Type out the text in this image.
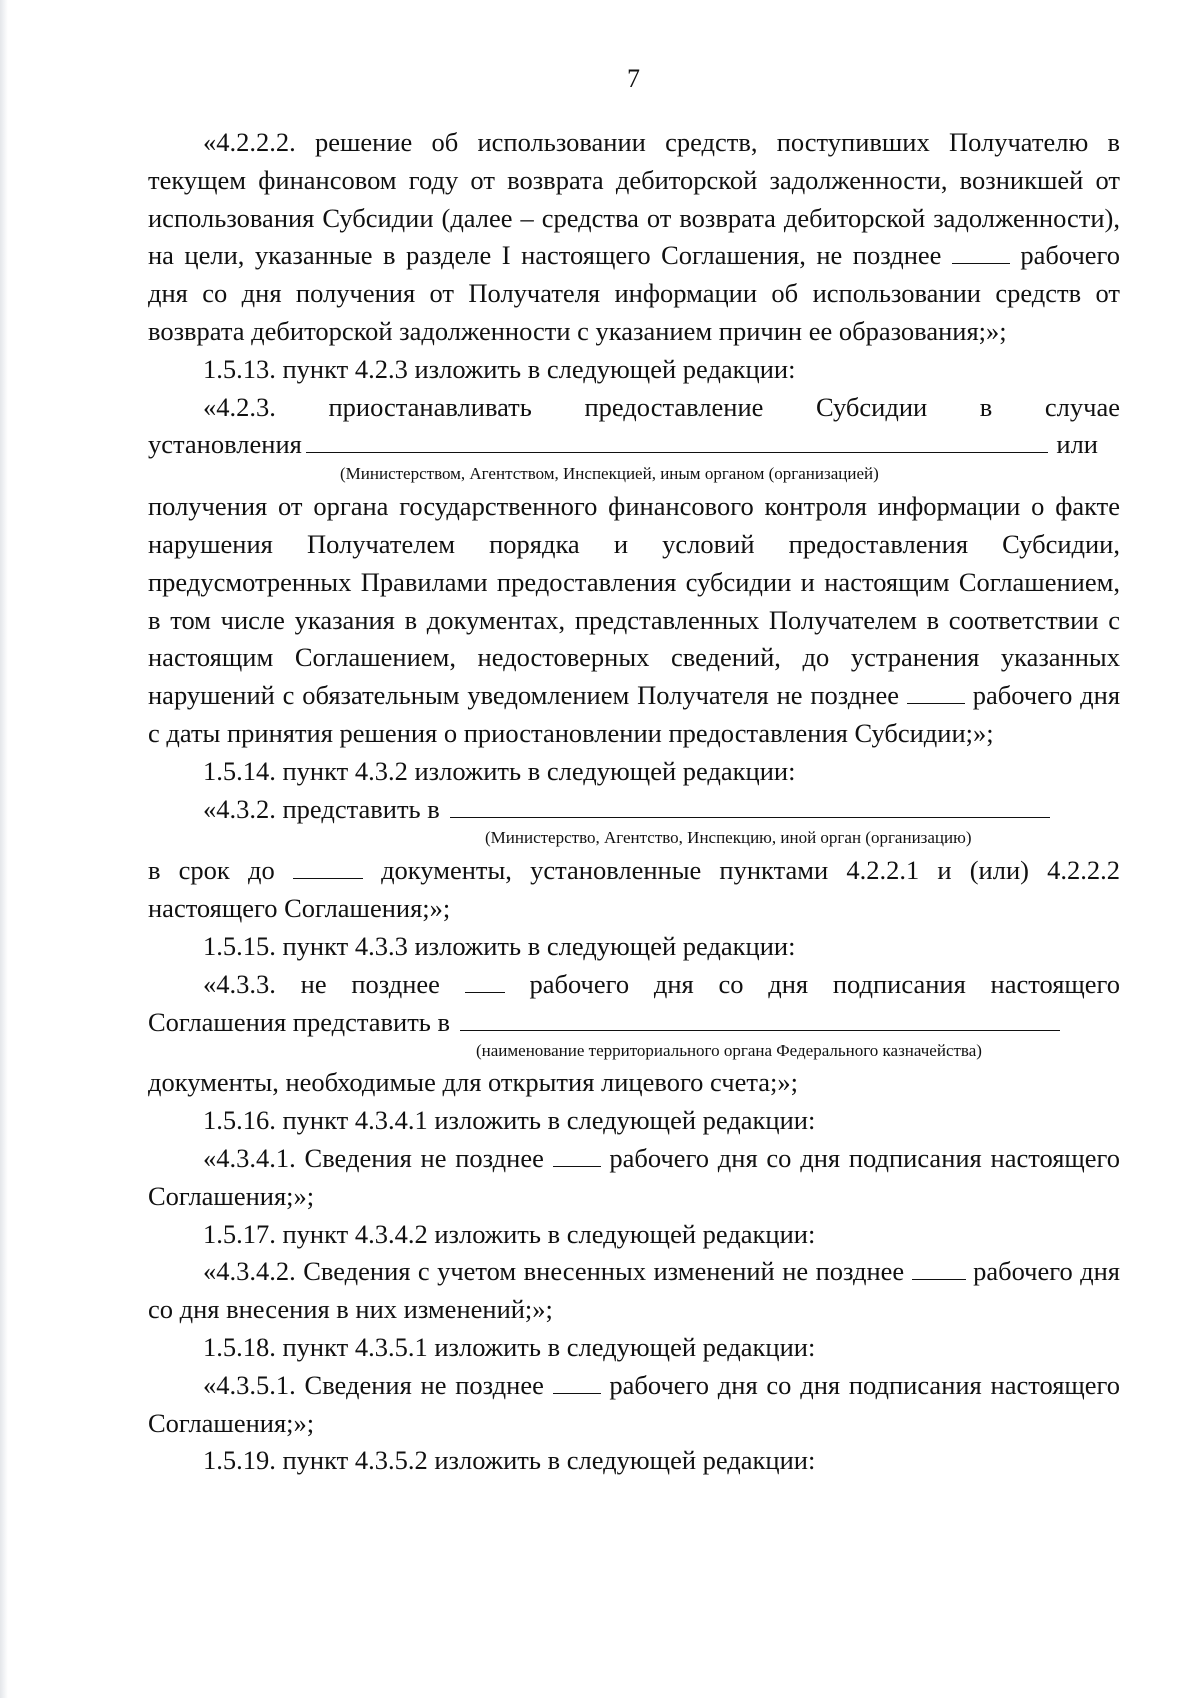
7

«4.2.2.2. решение об использовании средств, поступивших Получателю в текущем финансовом году от возврата дебиторской задолженности, возникшей от использования Субсидии (далее – средства от возврата дебиторской задолженности), на цели, указанные в разделе I настоящего Соглашения, не позднее	рабочего дня со дня получения от Получателя информации об использовании средств от возврата дебиторской задолженности с указанием причин ее образования;»;

1.5.13. пункт 4.2.3 изложить в следующей редакции:

«4.2.3. приостанавливать предоставление Субсидии в случае

установления	или

(Министерством, Агентством, Инспекцией, иным органом (организацией)

получения от органа государственного финансового контроля информации о факте нарушения Получателем порядка и условий предоставления Субсидии, предусмотренных Правилами предоставления субсидии и настоящим Соглашением, в том числе указания в документах, представленных Получателем в соответствии с настоящим Соглашением, недостоверных сведений, до устранения указанных нарушений с обязательным уведомлением Получателя не позднее	рабочего дня с даты принятия решения о приостановлении предоставления Субсидии;»;

1.5.14. пункт 4.3.2 изложить в следующей редакции:

«4.3.2. представить в

(Министерство, Агентство, Инспекцию, иной орган (организацию)

в срок до	документы, установленные пунктами 4.2.2.1 и (или) 4.2.2.2 настоящего Соглашения;»;

1.5.15. пункт 4.3.3 изложить в следующей редакции:

«4.3.3. не позднее	рабочего дня со дня подписания настоящего

Соглашения представить в

(наименование территориального органа Федерального казначейства)

документы, необходимые для открытия лицевого счета;»;

1.5.16. пункт 4.3.4.1 изложить в следующей редакции:

«4.3.4.1. Сведения не позднее рабочего дня со дня подписания настоящего Соглашения;»;

1.5.17. пункт 4.3.4.2 изложить в следующей редакции:

«4.3.4.2. Сведения с учетом внесенных изменений не позднее	рабочего дня со дня внесения в них изменений;»;

1.5.18. пункт 4.3.5.1 изложить в следующей редакции:

«4.3.5.1. Сведения не позднее рабочего дня со дня подписания настоящего Соглашения;»;

1.5.19. пункт 4.3.5.2 изложить в следующей редакции:
